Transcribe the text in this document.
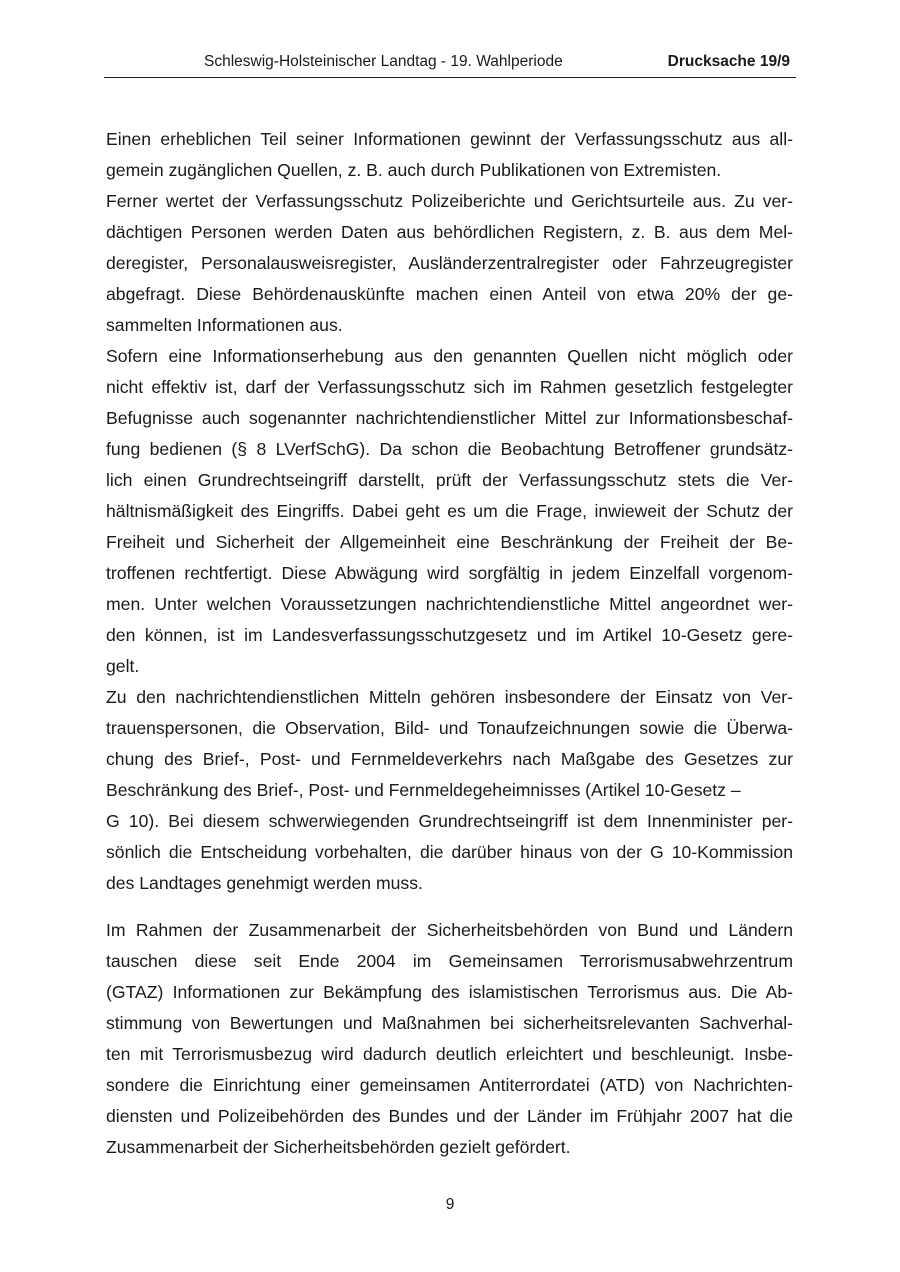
Schleswig-Holsteinischer Landtag - 19. Wahlperiode	Drucksache 19/9

Einen erheblichen Teil seiner Informationen gewinnt der Verfassungsschutz aus all-
gemein zugänglichen Quellen, z. B. auch durch Publikationen von Extremisten.

Ferner wertet der Verfassungsschutz Polizeiberichte und Gerichtsurteile aus. Zu ver-
dächtigen Personen werden Daten aus behördlichen Registern, z. B. aus dem Mel-
deregister, Personalausweisregister, Ausländerzentralregister oder Fahrzeugregister
abgefragt. Diese Behördenauskünfte machen einen Anteil von etwa 20% der ge-
sammelten Informationen aus.

Sofern eine Informationserhebung aus den genannten Quellen nicht möglich oder
nicht effektiv ist, darf der Verfassungsschutz sich im Rahmen gesetzlich festgelegter
Befugnisse auch sogenannter nachrichtendienstlicher Mittel zur Informationsbeschaf-
fung bedienen (§ 8 LVerfSchG). Da schon die Beobachtung Betroffener grundsätz-
lich einen Grundrechtseingriff darstellt, prüft der Verfassungsschutz stets die Ver-
hältnismäßigkeit des Eingriffs. Dabei geht es um die Frage, inwieweit der Schutz der
Freiheit und Sicherheit der Allgemeinheit eine Beschränkung der Freiheit der Be-
troffenen rechtfertigt. Diese Abwägung wird sorgfältig in jedem Einzelfall vorgenom-
men. Unter welchen Voraussetzungen nachrichtendienstliche Mittel angeordnet wer-
den können, ist im Landesverfassungsschutzgesetz und im Artikel 10-Gesetz gere-
gelt.

Zu den nachrichtendienstlichen Mitteln gehören insbesondere der Einsatz von Ver-
trauenspersonen, die Observation, Bild- und Tonaufzeichnungen sowie die Überwa-
chung des Brief-, Post- und Fernmeldeverkehrs nach Maßgabe des Gesetzes zur
Beschränkung des Brief-, Post- und Fernmeldegeheimnisses (Artikel 10-Gesetz –
G 10). Bei diesem schwerwiegenden Grundrechtseingriff ist dem Innenminister per-
sönlich die Entscheidung vorbehalten, die darüber hinaus von der G 10-Kommission
des Landtages genehmigt werden muss.

Im Rahmen der Zusammenarbeit der Sicherheitsbehörden von Bund und Ländern
tauschen diese seit Ende 2004 im Gemeinsamen Terrorismusabwehrzentrum
(GTAZ) Informationen zur Bekämpfung des islamistischen Terrorismus aus. Die Ab-
stimmung von Bewertungen und Maßnahmen bei sicherheitsrelevanten Sachverhal-
ten mit Terrorismusbezug wird dadurch deutlich erleichtert und beschleunigt. Insbe-
sondere die Einrichtung einer gemeinsamen Antiterrordatei (ATD) von Nachrichten-
diensten und Polizeibehörden des Bundes und der Länder im Frühjahr 2007 hat die
Zusammenarbeit der Sicherheitsbehörden gezielt gefördert.

9
